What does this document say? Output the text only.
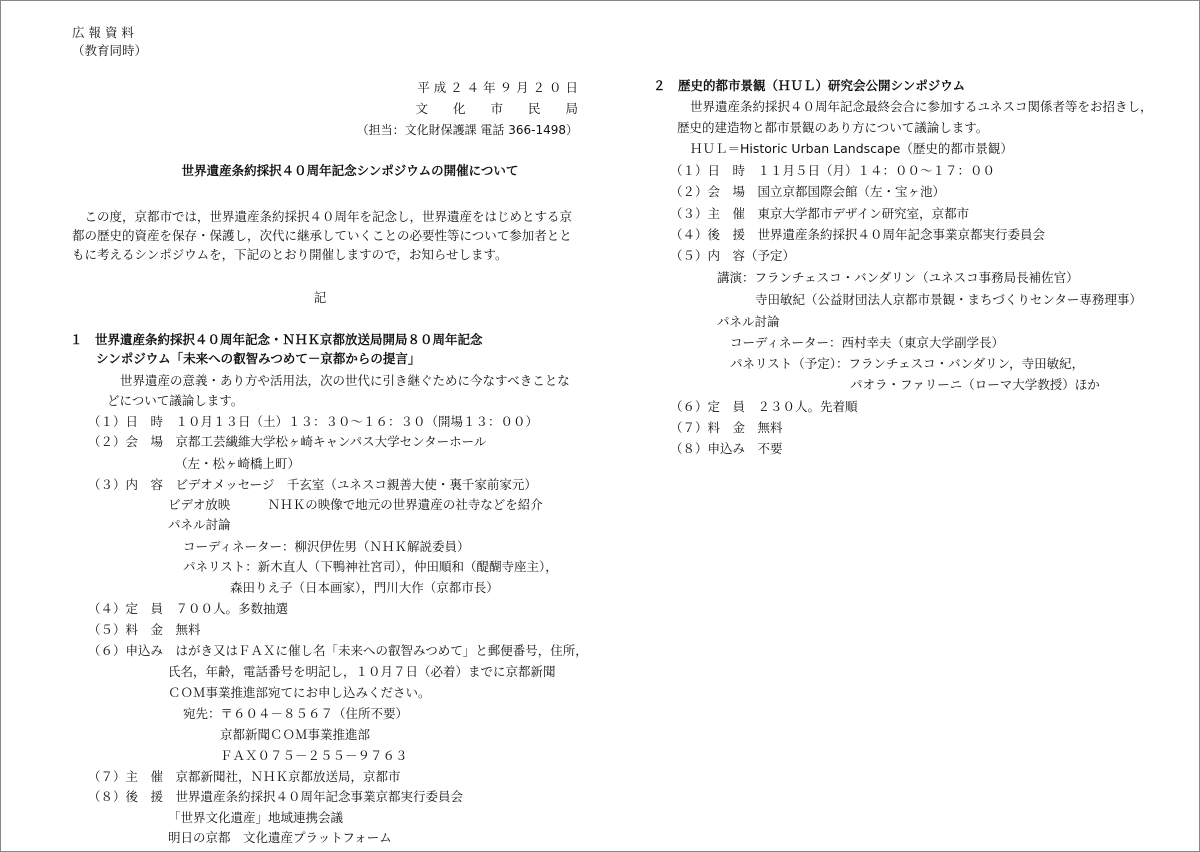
広 報 資 料
（教育同時）
平 成 ２ ４ 年 ９ 月 ２ ０ 日
文　　化　　市　　民　　局
（担当：文化財保護課 電話 366-1498）
世界遺産条約採択４０周年記念シンポジウムの開催について
　この度，京都市では，世界遺産条約採択４０周年を記念し，世界遺産をはじめとする京
都の歴史的資産を保存・保護し，次代に継承していくことの必要性等について参加者とと
もに考えるシンポジウムを，下記のとおり開催しますので，お知らせします。
記
１　世界遺産条約採択４０周年記念・ＮＨＫ京都放送局開局８０周年記念
シンポジウム「未来への叡智みつめて－京都からの提言」
世界遺産の意義・あり方や活用法，次の世代に引き継ぐために今なすべきことな
どについて議論します。
（１）日　時　１０月１３日（土）１３：３０～１６：３０（開場１３：００）
（２）会　場　京都工芸繊維大学松ヶ崎キャンパス大学センターホール
（左・松ヶ崎橋上町）
（３）内　容　ビデオメッセージ　千玄室（ユネスコ親善大使・裏千家前家元）
ビデオ放映　　　ＮＨＫの映像で地元の世界遺産の社寺などを紹介
パネル討論
コーディネーター：柳沢伊佐男（ＮＨＫ解説委員）
パネリスト：新木直人（下鴨神社宮司），仲田順和（醍醐寺座主），
森田りえ子（日本画家），門川大作（京都市長）
（４）定　員　７００人。多数抽選
（５）料　金　無料
（６）申込み　はがき又はＦＡＸに催し名「未来への叡智みつめて」と郵便番号，住所，
氏名，年齢，電話番号を明記し，１０月７日（必着）までに京都新聞
ＣＯＭ事業推進部宛てにお申し込みください。
宛先：〒６０４－８５６７（住所不要）
京都新聞ＣＯＭ事業推進部
ＦＡＸ０７５－２５５－９７６３
（７）主　催　京都新聞社，ＮＨＫ京都放送局，京都市
（８）後　援　世界遺産条約採択４０周年記念事業京都実行委員会
「世界文化遺産」地域連携会議
明日の京都　文化遺産プラットフォーム
２　歴史的都市景観（ＨＵＬ）研究会公開シンポジウム
世界遺産条約採択４０周年記念最終会合に参加するユネスコ関係者等をお招きし，
歴史的建造物と都市景観のあり方について議論します。
ＨＵＬ＝Historic Urban Landscape（歴史的都市景観）
（１）日　時　１１月５日（月）１４：００～１７：００
（２）会　場　国立京都国際会館（左・宝ヶ池）
（３）主　催　東京大学都市デザイン研究室，京都市
（４）後　援　世界遺産条約採択４０周年記念事業京都実行委員会
（５）内　容（予定）
講演：フランチェスコ・バンダリン（ユネスコ事務局長補佐官）
寺田敏紀（公益財団法人京都市景観・まちづくりセンター専務理事）
パネル討論
コーディネーター：西村幸夫（東京大学副学長）
パネリスト（予定）：フランチェスコ・バンダリン，寺田敏紀，
パオラ・ファリーニ（ローマ大学教授）ほか
（６）定　員　２３０人。先着順
（７）料　金　無料
（８）申込み　不要
